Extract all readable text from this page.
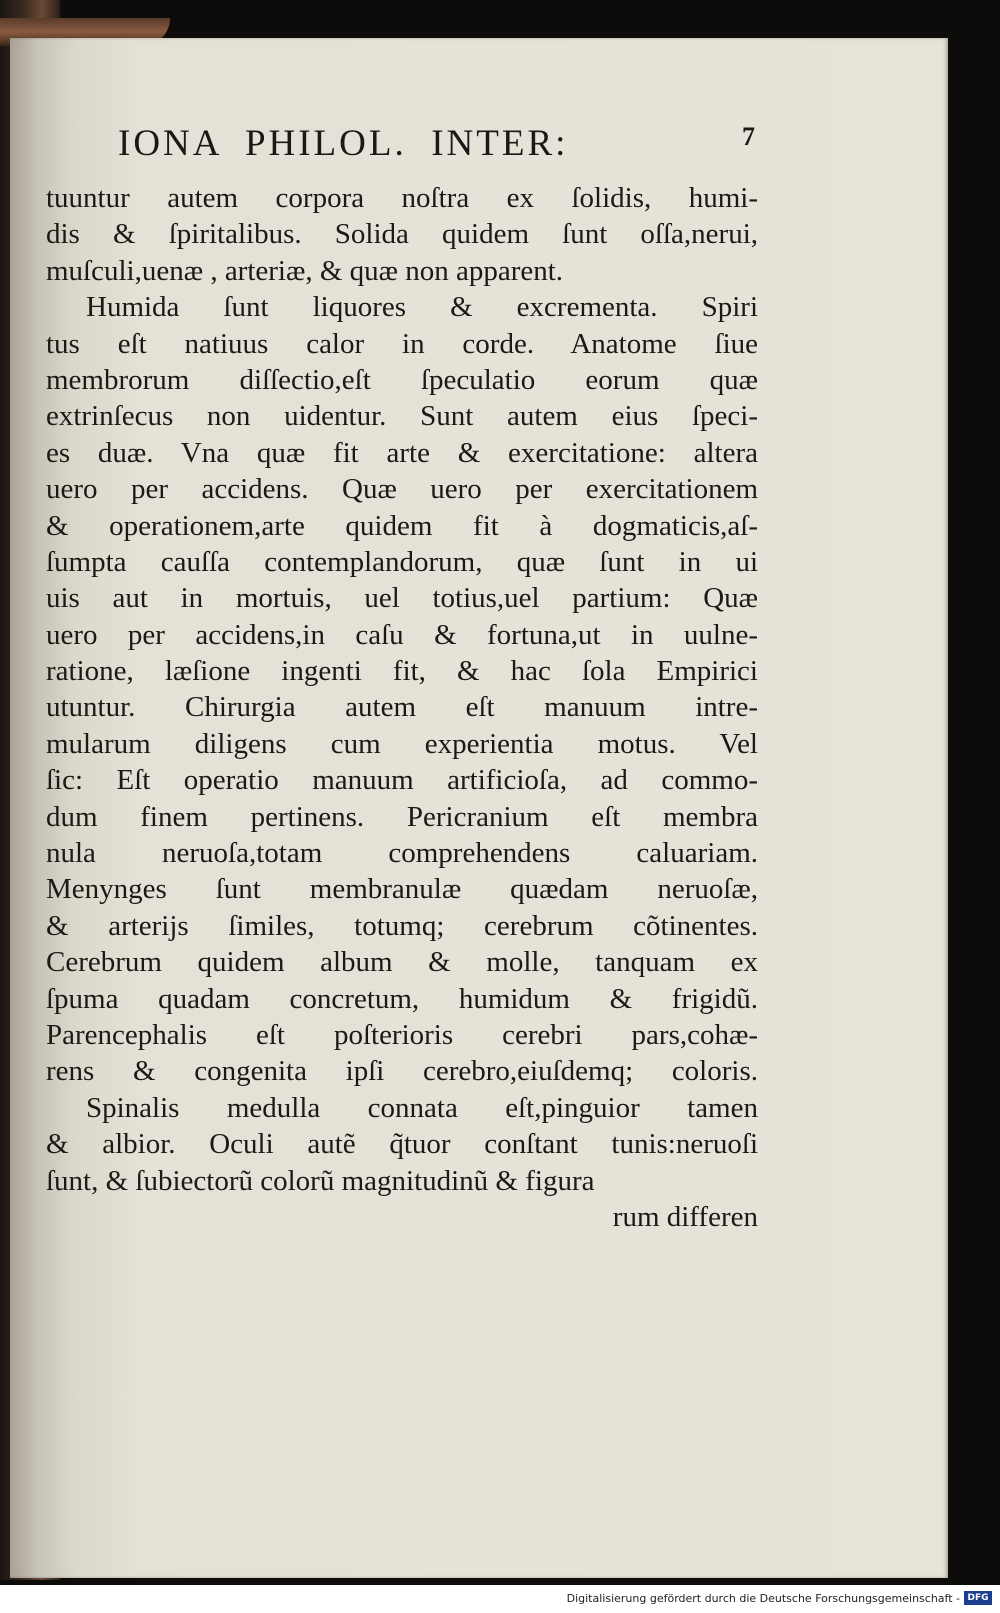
IONA  PHILOL.  INTER:	7
tuuntur autem corpora noſtra ex ſolidis, humi-
dis & ſpiritalibus. Solida quidem ſunt oſſa,nerui,
muſculi,uenæ , arteriæ, & quæ non apparent.
Humida ſunt liquores & excrementa. Spiri
tus eſt natiuus calor in corde. Anatome ſiue
membrorum diſſectio,eſt ſpeculatio eorum quæ
extrinſecus non uidentur. Sunt autem eius ſpeci-
es duæ. Vna quæ fit arte & exercitatione: altera
uero per accidens. Quæ uero per exercitationem
& operationem,arte quidem fit à dogmaticis,aſ-
ſumpta cauſſa contemplandorum, quæ ſunt in ui
uis aut in mortuis, uel totius,uel partium: Quæ
uero per accidens,in caſu & fortuna,ut in uulne-
ratione, læſione ingenti fit, & hac ſola Empirici
utuntur. Chirurgia autem eſt manuum intre-
mularum diligens cum experientia motus. Vel
ſic: Eſt operatio manuum artificioſa, ad commo-
dum finem pertinens. Pericranium eſt membra
nula neruoſa,totam comprehendens caluariam.
Menynges ſunt membranulæ quædam neruoſæ,
& arterijs ſimiles, totumq; cerebrum cõtinentes.
Cerebrum quidem album & molle, tanquam ex
ſpuma quadam concretum, humidum & frigidũ.
Parencephalis eſt poſterioris cerebri pars,cohæ-
rens & congenita ipſi cerebro,eiuſdemq; coloris.
Spinalis medulla connata eſt,pinguior tamen
& albior. Oculi autẽ q̃tuor conſtant tunis:neruoſi
ſunt, & ſubiectorũ colorũ magnitudinũ & figura
rum differen
Digitalisierung gefördert durch die Deutsche Forschungsgemeinschaft - DFG
